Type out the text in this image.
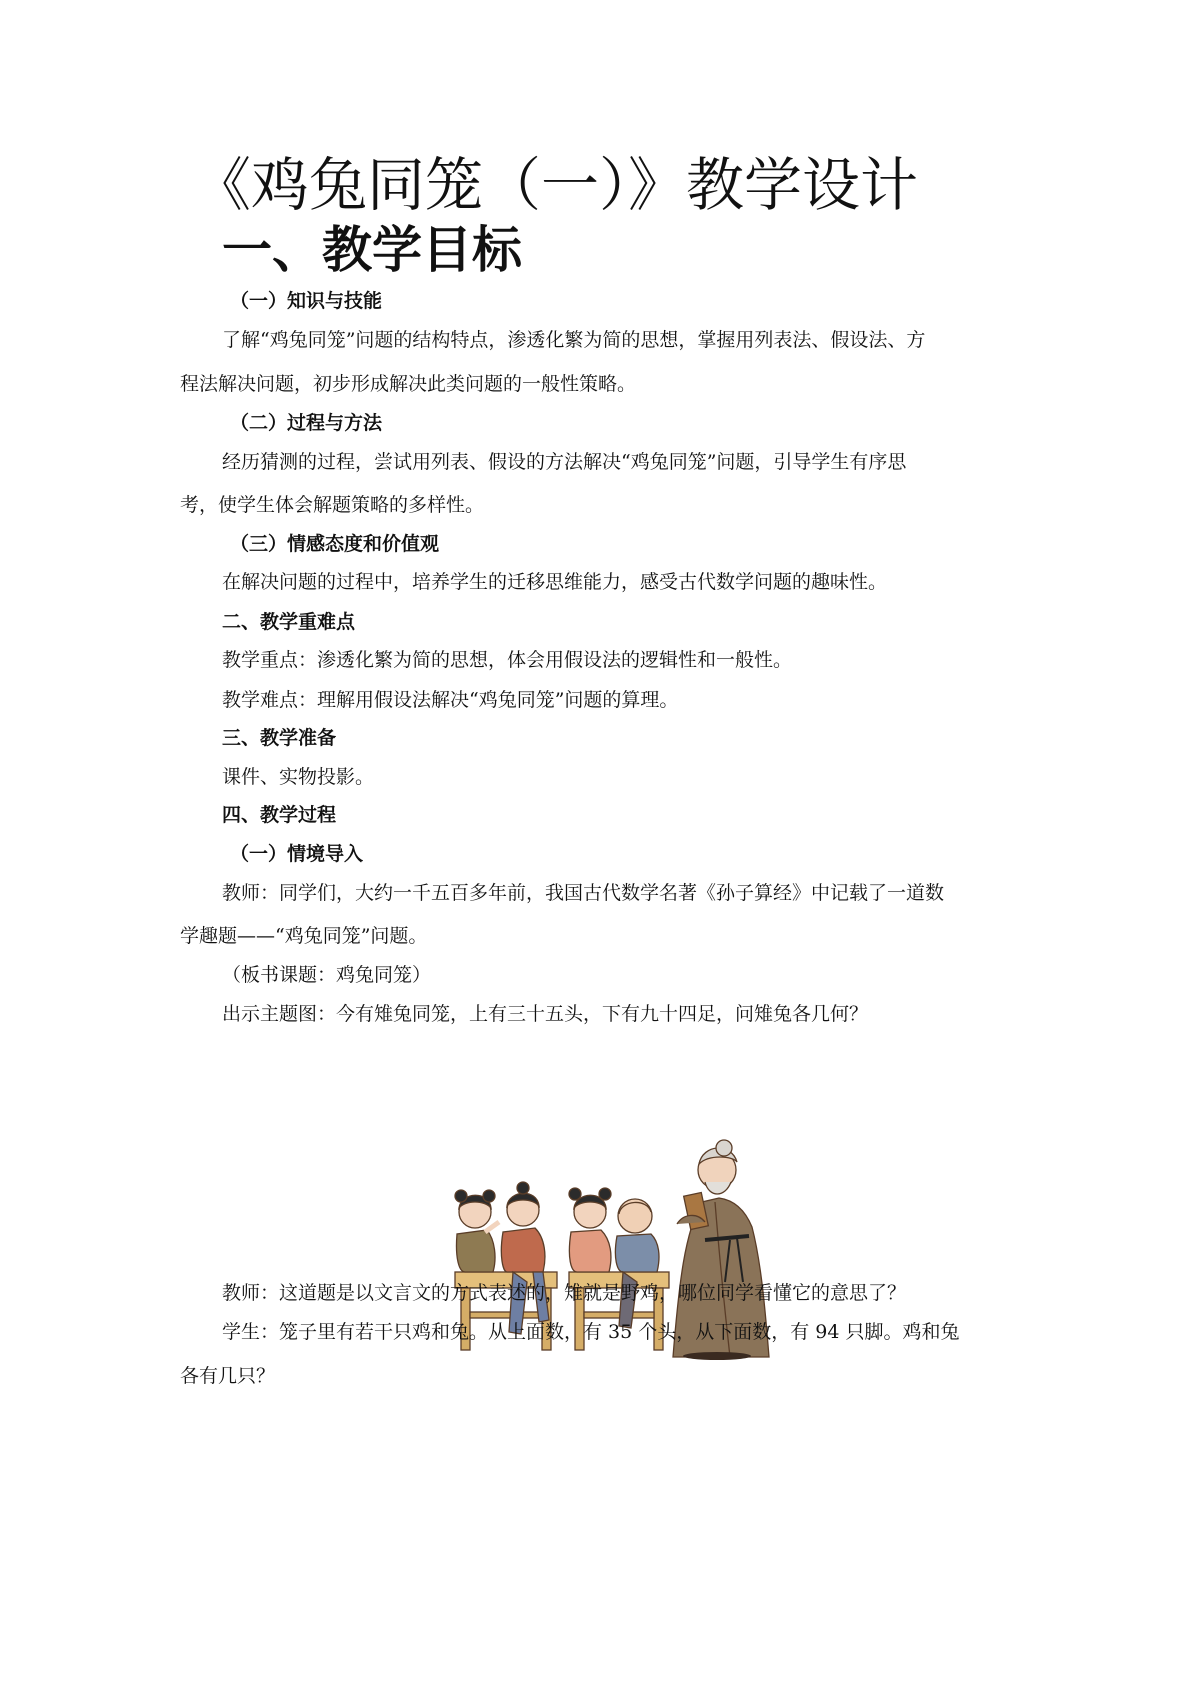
《鸡兔同笼（一）》教学设计
一、教学目标
（一）知识与技能
了解“鸡兔同笼”问题的结构特点，渗透化繁为简的思想，掌握用列表法、假设法、方
程法解决问题，初步形成解决此类问题的一般性策略。
（二）过程与方法
经历猜测的过程，尝试用列表、假设的方法解决“鸡兔同笼”问题，引导学生有序思
考，使学生体会解题策略的多样性。
（三）情感态度和价值观
在解决问题的过程中，培养学生的迁移思维能力，感受古代数学问题的趣味性。
二、教学重难点
教学重点：渗透化繁为简的思想，体会用假设法的逻辑性和一般性。
教学难点：理解用假设法解决“鸡兔同笼”问题的算理。
三、教学准备
课件、实物投影。
四、教学过程
（一）情境导入
教师：同学们，大约一千五百多年前，我国古代数学名著《孙子算经》中记载了一道数
学趣题——“鸡兔同笼”问题。
（板书课题：鸡兔同笼）
出示主题图：今有雉兔同笼，上有三十五头，下有九十四足，问雉兔各几何？
教师：这道题是以文言文的方式表述的，雉就是野鸡，哪位同学看懂它的意思了？
学生：笼子里有若干只鸡和兔。从上面数，有 35 个头，从下面数，有 94 只脚。鸡和兔
各有几只？
